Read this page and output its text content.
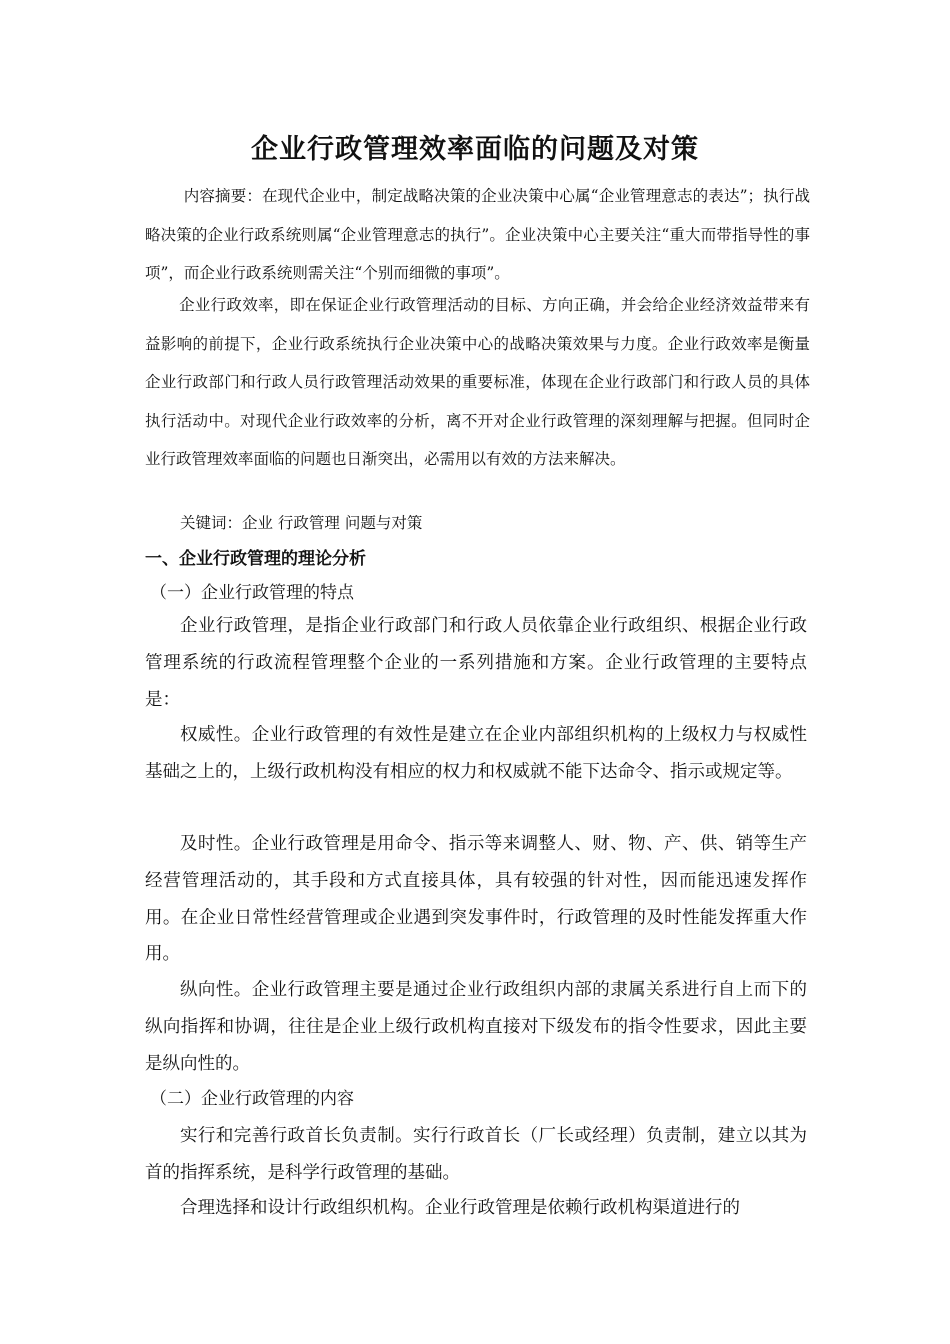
企业行政管理效率面临的问题及对策

内容摘要：在现代企业中，制定战略决策的企业决策中心属“企业管理意志的表达”；执行战略决策的企业行政系统则属“企业管理意志的执行”。企业决策中心主要关注“重大而带指导性的事项”，而企业行政系统则需关注“个别而细微的事项”。

企业行政效率，即在保证企业行政管理活动的目标、方向正确，并会给企业经济效益带来有益影响的前提下，企业行政系统执行企业决策中心的战略决策效果与力度。企业行政效率是衡量企业行政部门和行政人员行政管理活动效果的重要标准，体现在企业行政部门和行政人员的具体执行活动中。对现代企业行政效率的分析，离不开对企业行政管理的深刻理解与把握。但同时企业行政管理效率面临的问题也日渐突出，必需用以有效的方法来解决。

关键词：企业 行政管理 问题与对策
一、企业行政管理的理论分析
（一）企业行政管理的特点

企业行政管理，是指企业行政部门和行政人员依靠企业行政组织、根据企业行政管理系统的行政流程管理整个企业的一系列措施和方案。企业行政管理的主要特点是：

权威性。企业行政管理的有效性是建立在企业内部组织机构的上级权力与权威性基础之上的，上级行政机构没有相应的权力和权威就不能下达命令、指示或规定等。

及时性。企业行政管理是用命令、指示等来调整人、财、物、产、供、销等生产经营管理活动的，其手段和方式直接具体，具有较强的针对性，因而能迅速发挥作用。在企业日常性经营管理或企业遇到突发事件时，行政管理的及时性能发挥重大作用。

纵向性。企业行政管理主要是通过企业行政组织内部的隶属关系进行自上而下的纵向指挥和协调，往往是企业上级行政机构直接对下级发布的指令性要求，因此主要是纵向性的。

（二）企业行政管理的内容

实行和完善行政首长负责制。实行行政首长（厂长或经理）负责制，建立以其为首的指挥系统，是科学行政管理的基础。

合理选择和设计行政组织机构。企业行政管理是依赖行政机构渠道进行的
